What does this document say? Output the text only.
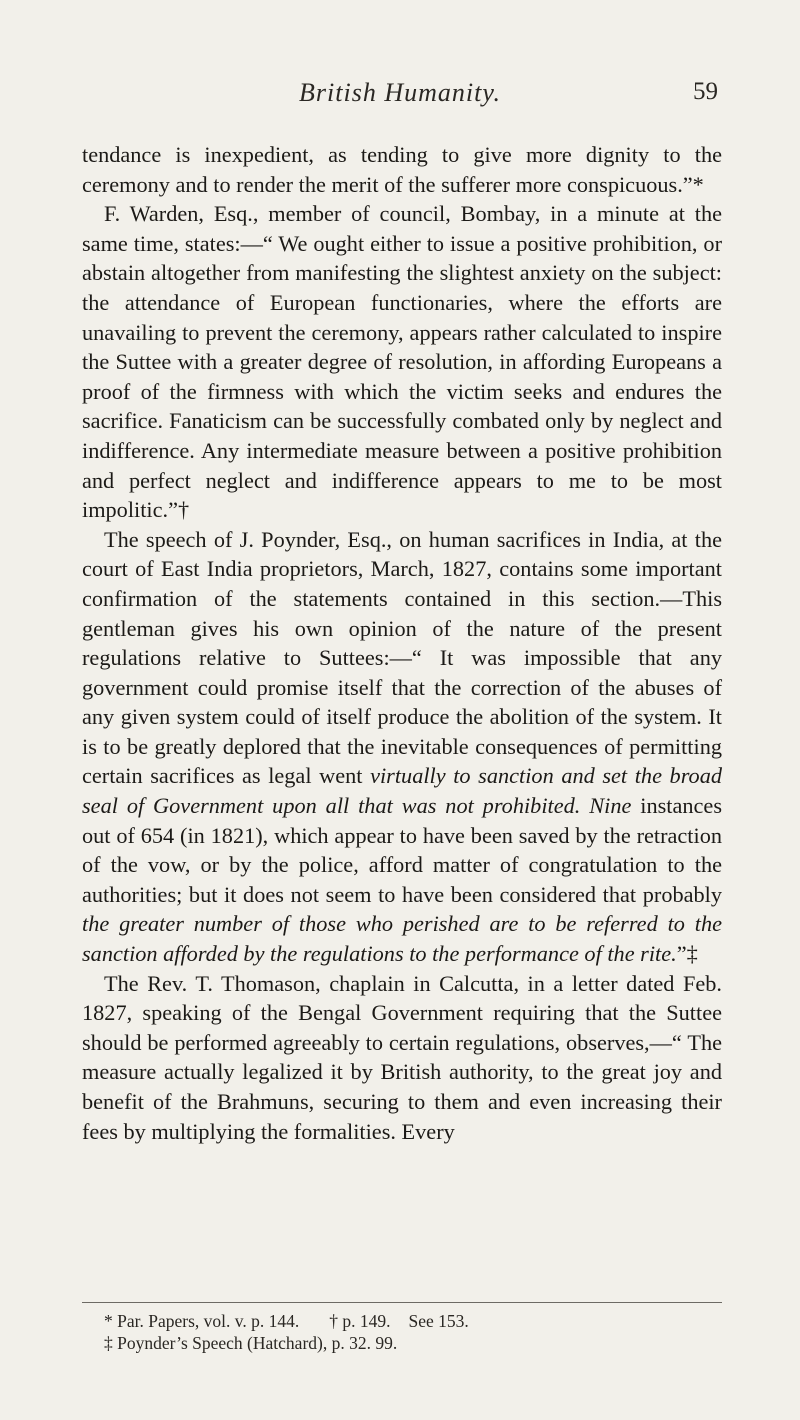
British Humanity.	59

tendance is inexpedient, as tending to give more dignity to the ceremony and to render the merit of the sufferer more conspicuous.”*

F. Warden, Esq., member of council, Bombay, in a minute at the same time, states:—“ We ought either to issue a positive prohibition, or abstain altogether from manifesting the slightest anxiety on the subject: the attendance of European functionaries, where the efforts are unavailing to prevent the ceremony, appears rather calculated to inspire the Suttee with a greater degree of resolution, in affording Europeans a proof of the firmness with which the victim seeks and endures the sacrifice. Fanaticism can be successfully combated only by neglect and indifference. Any intermediate measure between a positive prohibition and perfect neglect and indifference appears to me to be most impolitic.”†

The speech of J. Poynder, Esq., on human sacrifices in India, at the court of East India proprietors, March, 1827, contains some important confirmation of the statements contained in this section.—This gentleman gives his own opinion of the nature of the present regulations relative to Suttees:—“ It was impossible that any government could promise itself that the correction of the abuses of any given system could of itself produce the abolition of the system. It is to be greatly deplored that the inevitable consequences of permitting certain sacrifices as legal went virtually to sanction and set the broad seal of Government upon all that was not prohibited. Nine instances out of 654 (in 1821), which appear to have been saved by the retraction of the vow, or by the police, afford matter of congratulation to the authorities; but it does not seem to have been considered that probably the greater number of those who perished are to be referred to the sanction afforded by the regulations to the performance of the rite.”‡

The Rev. T. Thomason, chaplain in Calcutta, in a letter dated Feb. 1827, speaking of the Bengal Government requiring that the Suttee should be performed agreeably to certain regulations, observes,—“ The measure actually legalized it by British authority, to the great joy and benefit of the Brahmuns, securing to them and even increasing their fees by multiplying the formalities. Every

* Par. Papers, vol. v. p. 144. † p. 149. See 153.
‡ Poynder’s Speech (Hatchard), p. 32. 99.
